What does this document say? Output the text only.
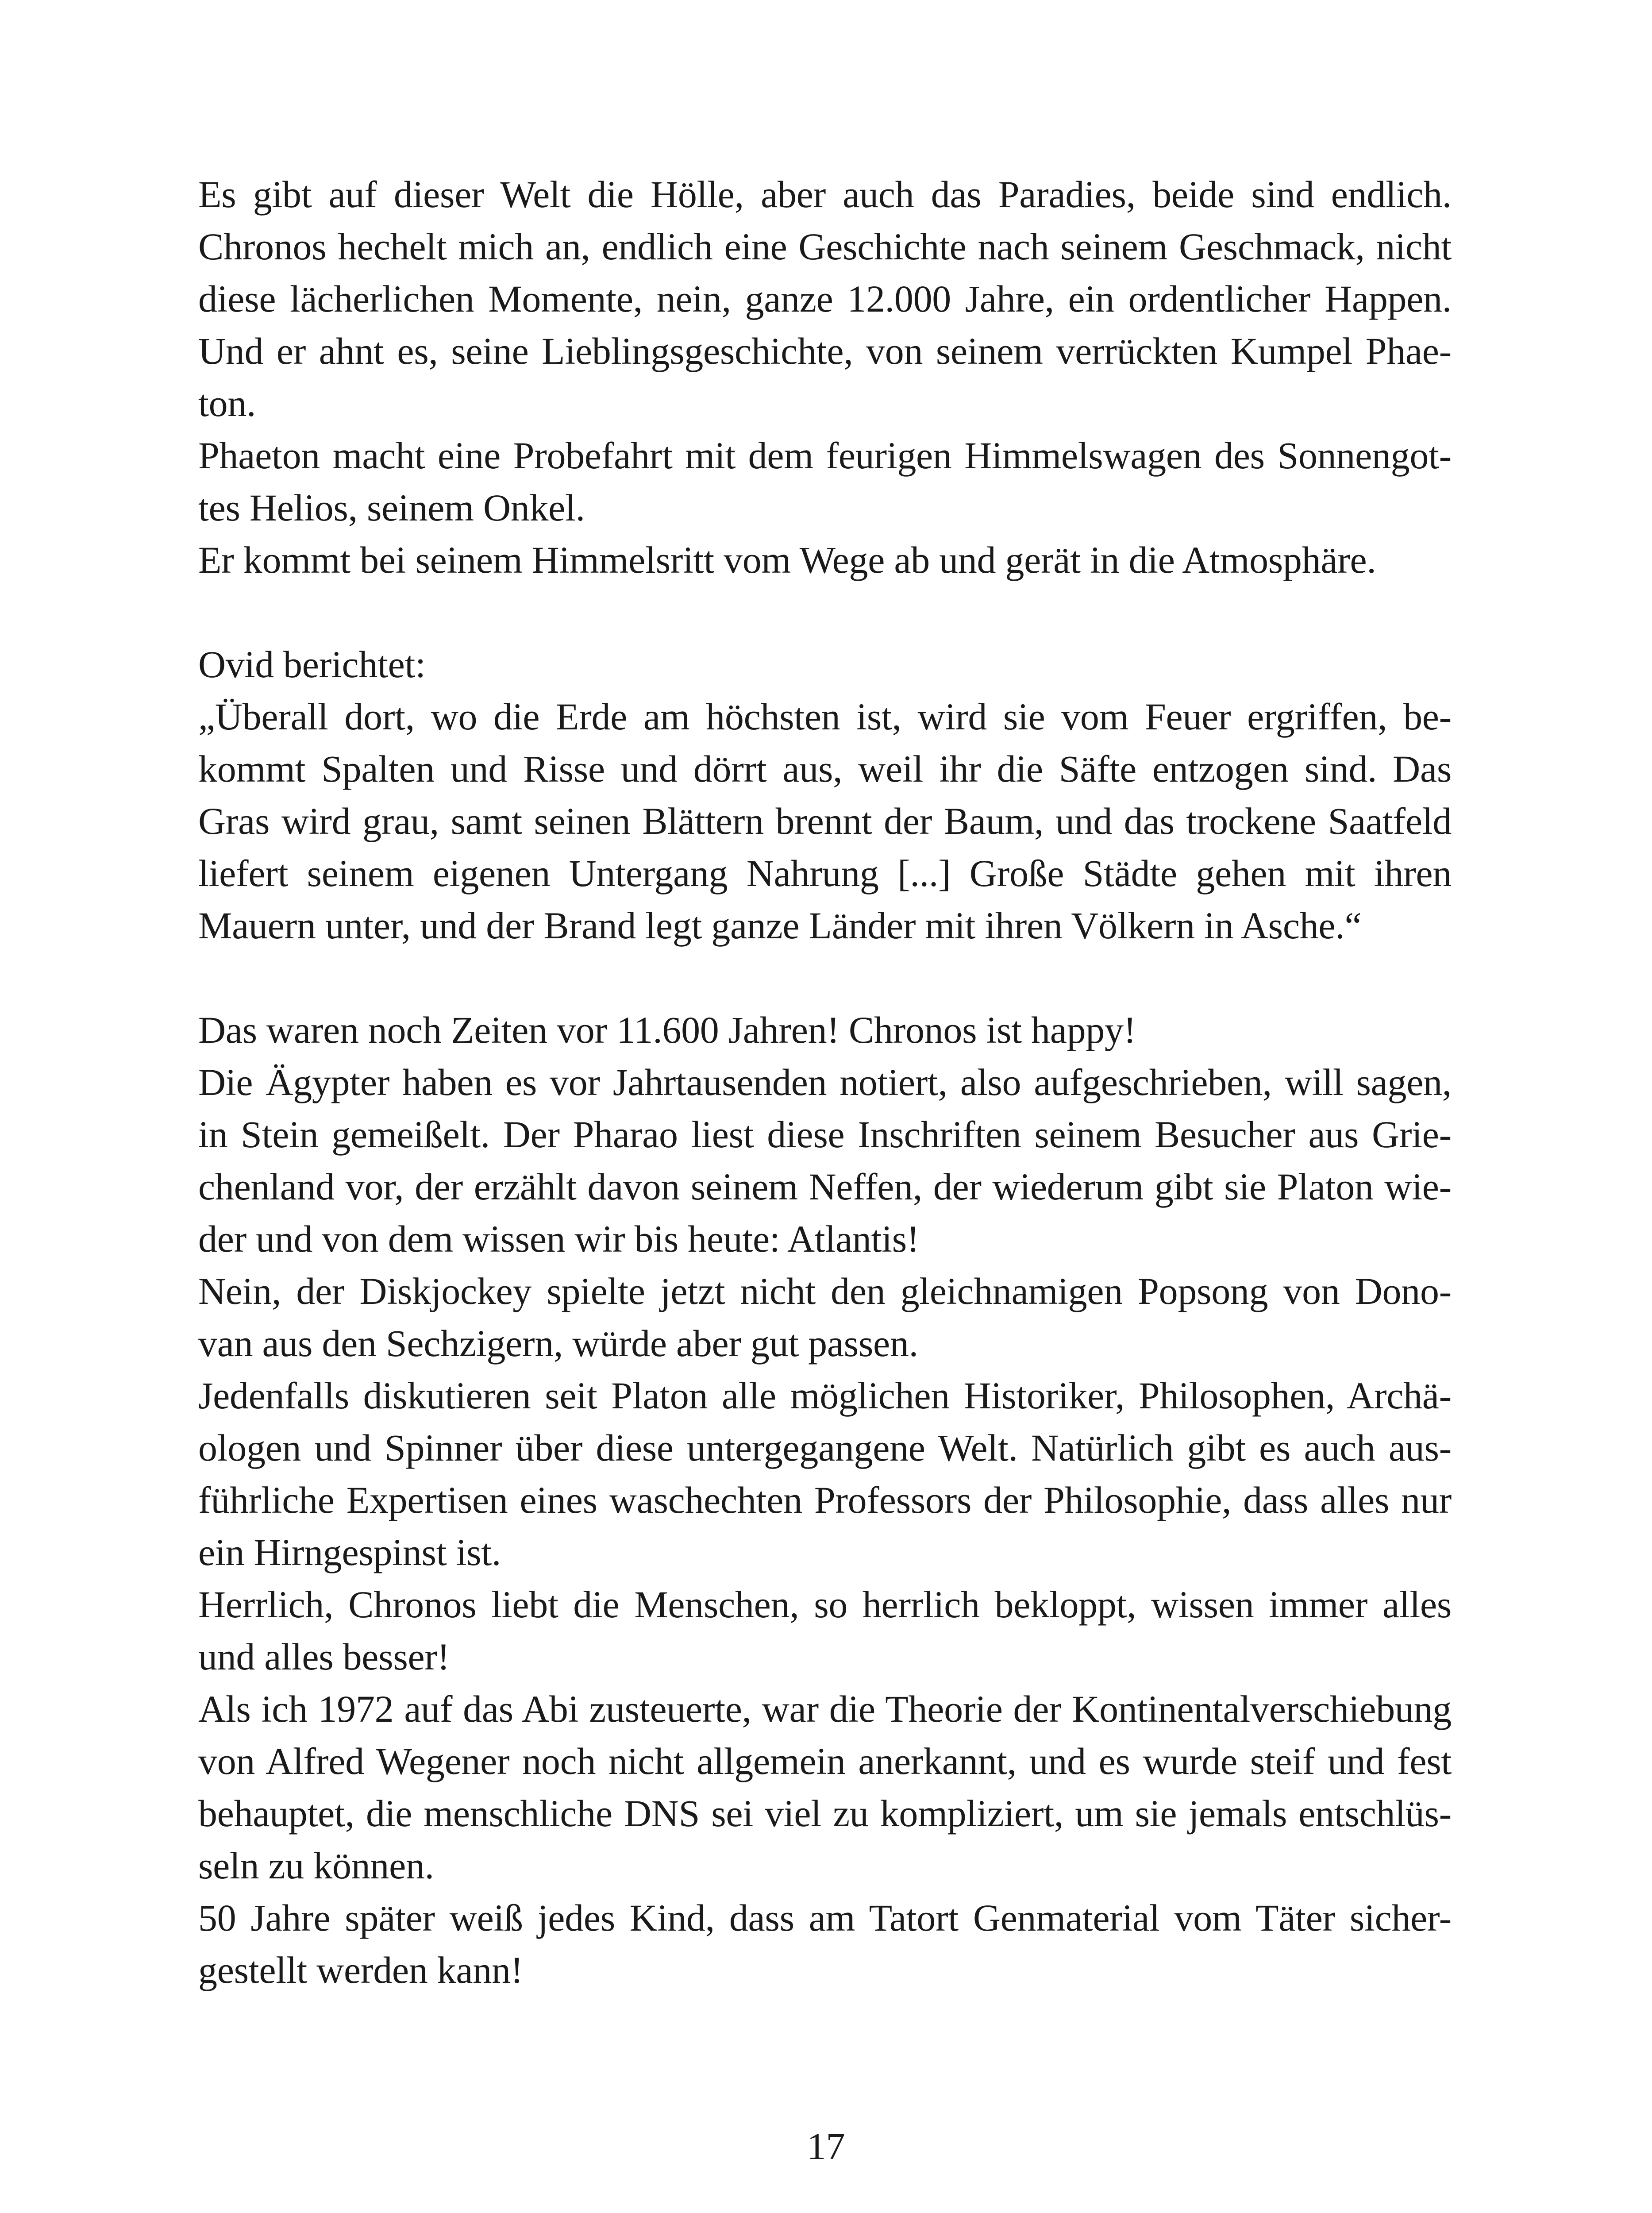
Es gibt auf dieser Welt die Hölle, aber auch das Paradies, beide sind endlich.
Chronos hechelt mich an, endlich eine Geschichte nach seinem Geschmack, nicht
diese lächerlichen Momente, nein, ganze 12.000 Jahre, ein ordentlicher Happen.
Und er ahnt es, seine Lieblingsgeschichte, von seinem verrückten Kumpel Phae-
ton.
Phaeton macht eine Probefahrt mit dem feurigen Himmelswagen des Sonnengot-
tes Helios, seinem Onkel.
Er kommt bei seinem Himmelsritt vom Wege ab und gerät in die Atmosphäre.
Ovid berichtet:
„Überall dort, wo die Erde am höchsten ist, wird sie vom Feuer ergriffen, be-
kommt Spalten und Risse und dörrt aus, weil ihr die Säfte entzogen sind. Das
Gras wird grau, samt seinen Blättern brennt der Baum, und das trockene Saatfeld
liefert seinem eigenen Untergang Nahrung [...] Große Städte gehen mit ihren
Mauern unter, und der Brand legt ganze Länder mit ihren Völkern in Asche.“
Das waren noch Zeiten vor 11.600 Jahren! Chronos ist happy!
Die Ägypter haben es vor Jahrtausenden notiert, also aufgeschrieben, will sagen,
in Stein gemeißelt. Der Pharao liest diese Inschriften seinem Besucher aus Grie-
chenland vor, der erzählt davon seinem Neffen, der wiederum gibt sie Platon wie-
der und von dem wissen wir bis heute: Atlantis!
Nein, der Diskjockey spielte jetzt nicht den gleichnamigen Popsong von Dono-
van aus den Sechzigern, würde aber gut passen.
Jedenfalls diskutieren seit Platon alle möglichen Historiker, Philosophen, Archä-
ologen und Spinner über diese untergegangene Welt. Natürlich gibt es auch aus-
führliche Expertisen eines waschechten Professors der Philosophie, dass alles nur
ein Hirngespinst ist.
Herrlich, Chronos liebt die Menschen, so herrlich bekloppt, wissen immer alles
und alles besser!
Als ich 1972 auf das Abi zusteuerte, war die Theorie der Kontinentalverschiebung
von Alfred Wegener noch nicht allgemein anerkannt, und es wurde steif und fest
behauptet, die menschliche DNS sei viel zu kompliziert, um sie jemals entschlüs-
seln zu können.
50 Jahre später weiß jedes Kind, dass am Tatort Genmaterial vom Täter sicher-
gestellt werden kann!
17
